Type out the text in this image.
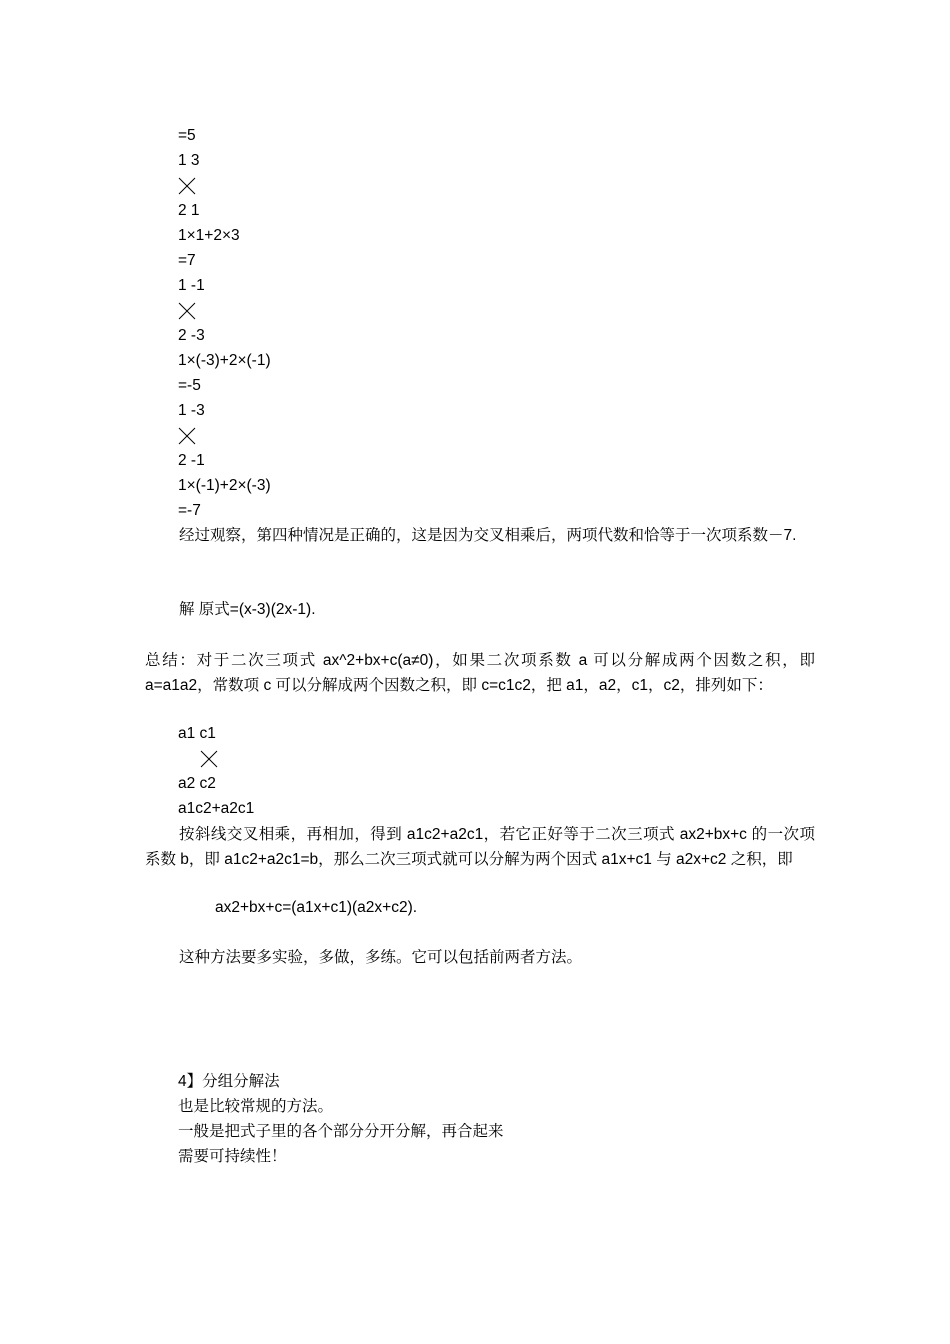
=5
1 3
2 1
1×1+2×3
=7
1 -1
2 -3
1×(-3)+2×(-1)
=-5
1 -3
2 -1
1×(-1)+2×(-3)
=-7
经过观察，第四种情况是正确的，这是因为交叉相乘后，两项代数和恰等于一次项系数－7.
解 原式=(x-3)(2x-1).
总结：对于二次三项式 ax^2+bx+c(a≠0)，如果二次项系数 a 可以分解成两个因数之积，即 a=a1a2，常数项 c 可以分解成两个因数之积，即 c=c1c2，把 a1，a2，c1，c2，排列如下：
a1 c1
a2 c2
a1c2+a2c1
按斜线交叉相乘，再相加，得到 a1c2+a2c1，若它正好等于二次三项式 ax2+bx+c 的一次项系数 b，即 a1c2+a2c1=b，那么二次三项式就可以分解为两个因式 a1x+c1 与 a2x+c2 之积，即
ax2+bx+c=(a1x+c1)(a2x+c2).
这种方法要多实验，多做，多练。它可以包括前两者方法。
4】分组分解法
也是比较常规的方法。
一般是把式子里的各个部分分开分解，再合起来
需要可持续性！
